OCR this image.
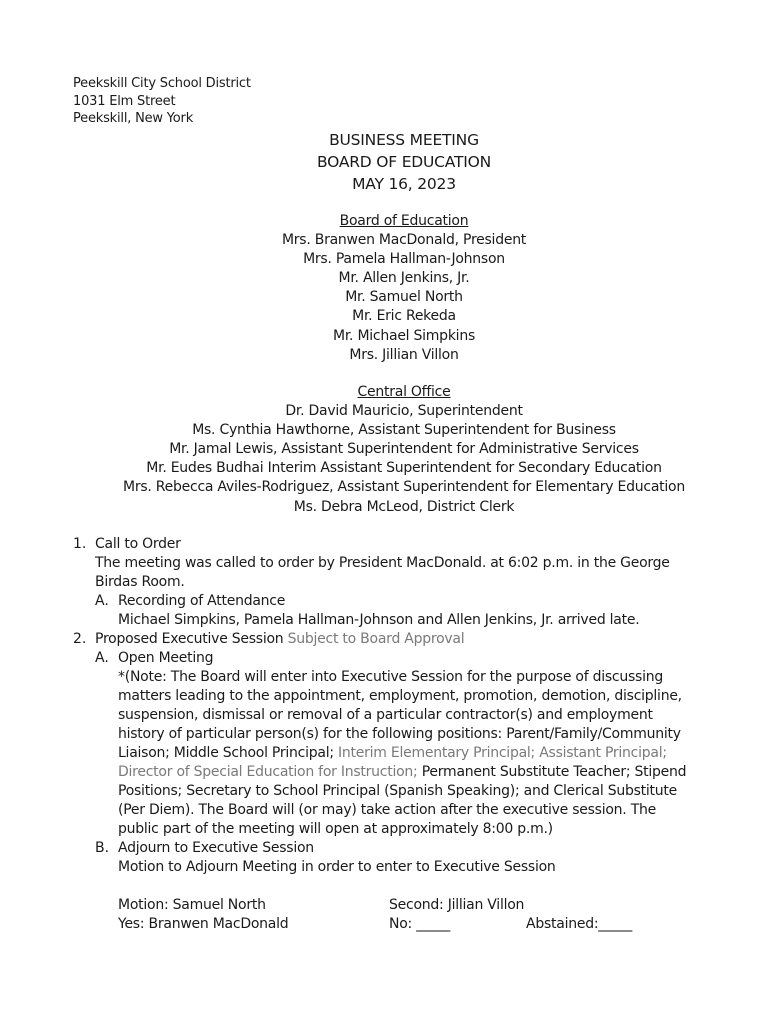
Peekskill City School District
1031 Elm Street
Peekskill, New York
BUSINESS MEETING
BOARD OF EDUCATION
MAY 16, 2023
Board of Education
Mrs. Branwen MacDonald, President
Mrs. Pamela Hallman-Johnson
Mr. Allen Jenkins, Jr.
Mr. Samuel North
Mr. Eric Rekeda
Mr. Michael Simpkins
Mrs. Jillian Villon
Central Office
Dr. David Mauricio, Superintendent
Ms. Cynthia Hawthorne, Assistant Superintendent for Business
Mr. Jamal Lewis, Assistant Superintendent for Administrative Services
Mr. Eudes Budhai Interim Assistant Superintendent for Secondary Education
Mrs. Rebecca Aviles-Rodriguez, Assistant Superintendent for Elementary Education
Ms. Debra McLeod, District Clerk
1. Call to Order
The meeting was called to order by President MacDonald. at 6:02 p.m. in the George
Birdas Room.
A. Recording of Attendance
Michael Simpkins, Pamela Hallman-Johnson and Allen Jenkins, Jr. arrived late.
2. Proposed Executive Session Subject to Board Approval
A. Open Meeting
*(Note: The Board will enter into Executive Session for the purpose of discussing
matters leading to the appointment, employment, promotion, demotion, discipline,
suspension, dismissal or removal of a particular contractor(s) and employment
history of particular person(s) for the following positions: Parent/Family/Community
Liaison; Middle School Principal; Interim Elementary Principal; Assistant Principal;
Director of Special Education for Instruction; Permanent Substitute Teacher; Stipend
Positions; Secretary to School Principal (Spanish Speaking); and Clerical Substitute
(Per Diem). The Board will (or may) take action after the executive session. The
public part of the meeting will open at approximately 8:00 p.m.)
B. Adjourn to Executive Session
Motion to Adjourn Meeting in order to enter to Executive Session
Motion: Samuel North	Second: Jillian Villon
Yes: Branwen MacDonald	No: _____	Abstained:_____
